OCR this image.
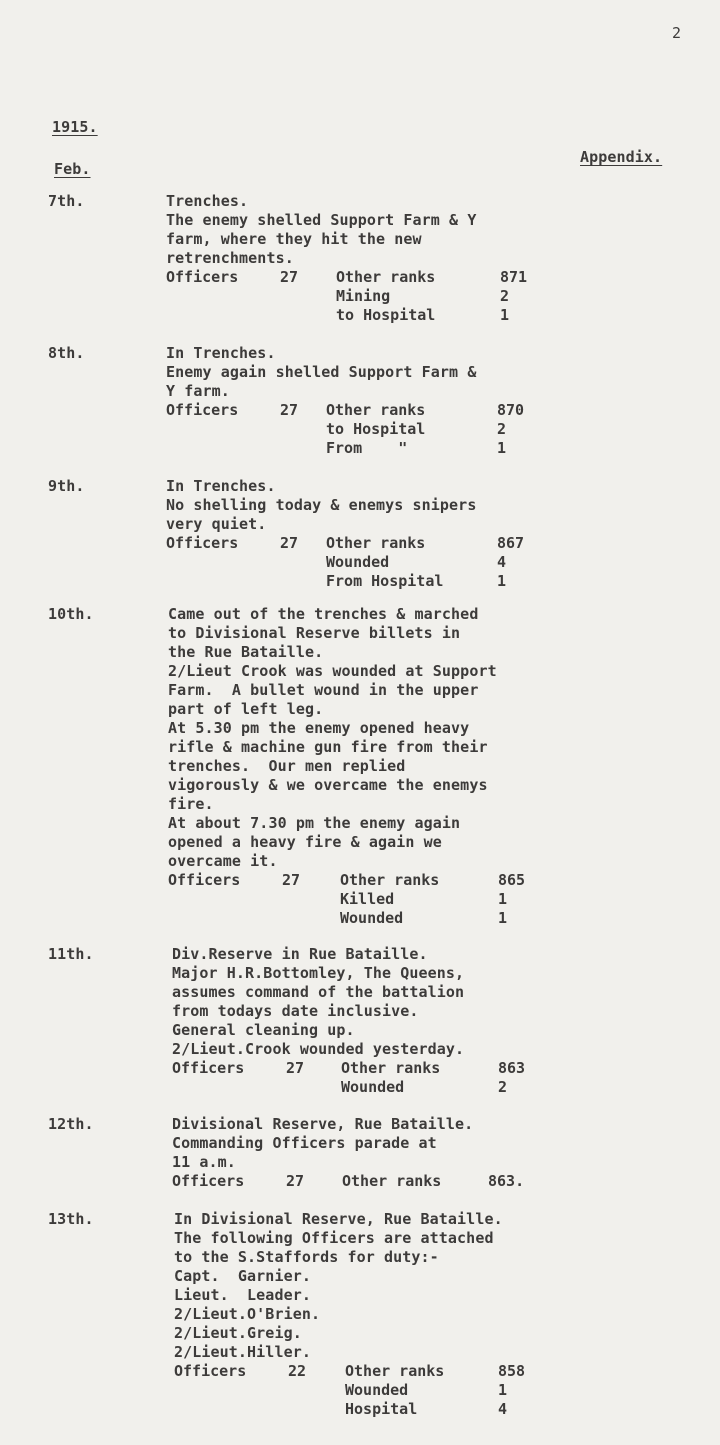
2
1915.
Feb.
Appendix.
7th.	Trenches.
The enemy shelled Support Farm & Y
farm, where they hit the new
retrenchments.
Officers	27	Other ranks	871
Mining	2
to Hospital	1
8th.	In Trenches.
Enemy again shelled Support Farm &
Y farm.
Officers	27 Other ranks	870
to Hospital	2
From    "	1
9th.	In Trenches.
No shelling today & enemys snipers
very quiet.
Officers	27 Other ranks	867
Wounded	4
From Hospital	1
10th.	Came out of the trenches & marched
to Divisional Reserve billets in
the Rue Bataille.
2/Lieut Crook was wounded at Support
Farm.  A bullet wound in the upper
part of left leg.
At 5.30 pm the enemy opened heavy
rifle & machine gun fire from their
trenches.  Our men replied
vigorously & we overcame the enemys
fire.
At about 7.30 pm the enemy again
opened a heavy fire & again we
overcame it.
Officers	27	Other ranks	865
Killed	1
Wounded	1
11th.	Div.Reserve in Rue Bataille.
Major H.R.Bottomley, The Queens,
assumes command of the battalion
from todays date inclusive.
General cleaning up.
2/Lieut.Crook wounded yesterday.
Officers	27 Other ranks	863
Wounded	2
12th.	Divisional Reserve, Rue Bataille.
Commanding Officers parade at
11 a.m.
Officers	27	Other ranks	863.
13th.	In Divisional Reserve, Rue Bataille.
The following Officers are attached
to the S.Staffords for duty:-
Capt.  Garnier.
Lieut.  Leader.
2/Lieut.O'Brien.
2/Lieut.Greig.
2/Lieut.Hiller.
Officers	22	Other ranks	858
Wounded	1
Hospital	4
